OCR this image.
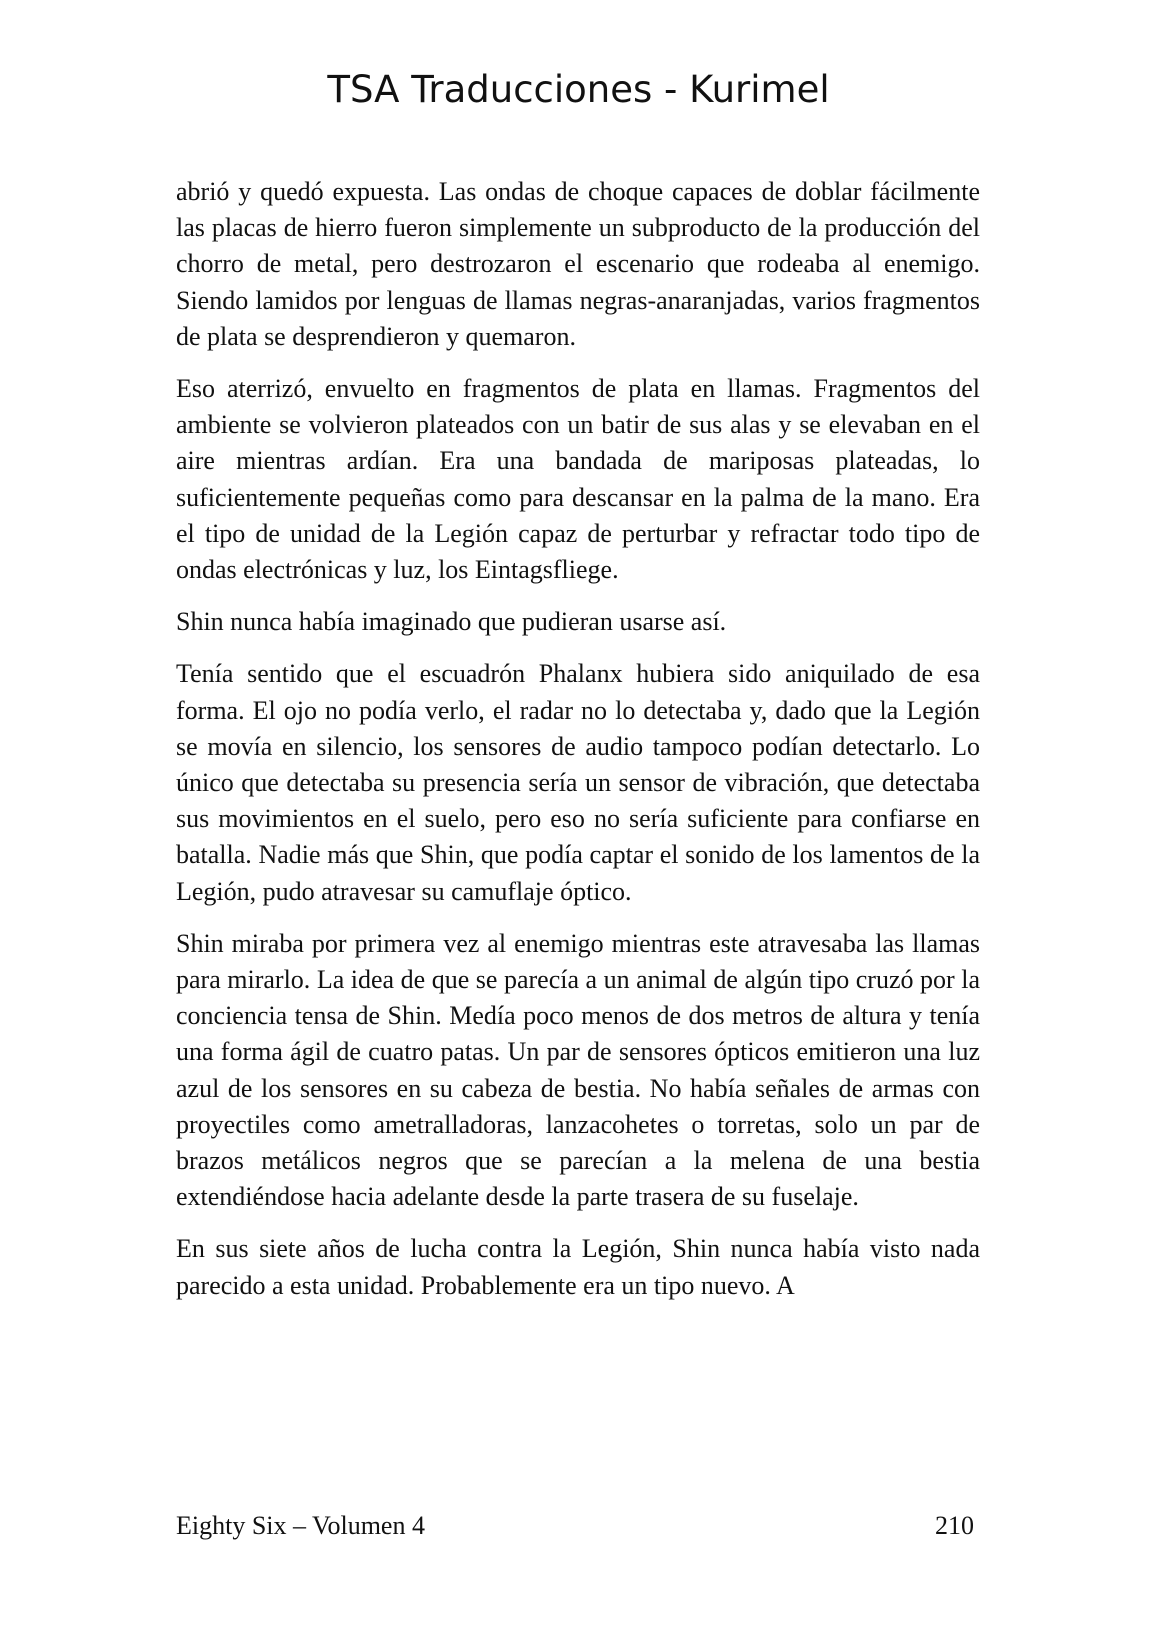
TSA Traducciones - Kurimel

abrió y quedó expuesta. Las ondas de choque capaces de doblar fácilmente las placas de hierro fueron simplemente un subproducto de la producción del chorro de metal, pero destrozaron el escenario que rodeaba al enemigo. Siendo lamidos por lenguas de llamas negras-anaranjadas, varios fragmentos de plata se desprendieron y quemaron.

Eso aterrizó, envuelto en fragmentos de plata en llamas. Fragmentos del ambiente se volvieron plateados con un batir de sus alas y se elevaban en el aire mientras ardían. Era una bandada de mariposas plateadas, lo suficientemente pequeñas como para descansar en la palma de la mano. Era el tipo de unidad de la Legión capaz de perturbar y refractar todo tipo de ondas electrónicas y luz, los Eintagsfliege.

Shin nunca había imaginado que pudieran usarse así.

Tenía sentido que el escuadrón Phalanx hubiera sido aniquilado de esa forma. El ojo no podía verlo, el radar no lo detectaba y, dado que la Legión se movía en silencio, los sensores de audio tampoco podían detectarlo. Lo único que detectaba su presencia sería un sensor de vibración, que detectaba sus movimientos en el suelo, pero eso no sería suficiente para confiarse en batalla. Nadie más que Shin, que podía captar el sonido de los lamentos de la Legión, pudo atravesar su camuflaje óptico.

Shin miraba por primera vez al enemigo mientras este atravesaba las llamas para mirarlo. La idea de que se parecía a un animal de algún tipo cruzó por la conciencia tensa de Shin. Medía poco menos de dos metros de altura y tenía una forma ágil de cuatro patas. Un par de sensores ópticos emitieron una luz azul de los sensores en su cabeza de bestia. No había señales de armas con proyectiles como ametralladoras, lanzacohetes o torretas, solo un par de brazos metálicos negros que se parecían a la melena de una bestia extendiéndose hacia adelante desde la parte trasera de su fuselaje.

En sus siete años de lucha contra la Legión, Shin nunca había visto nada parecido a esta unidad. Probablemente era un tipo nuevo. A

Eighty Six – Volumen 4	210
